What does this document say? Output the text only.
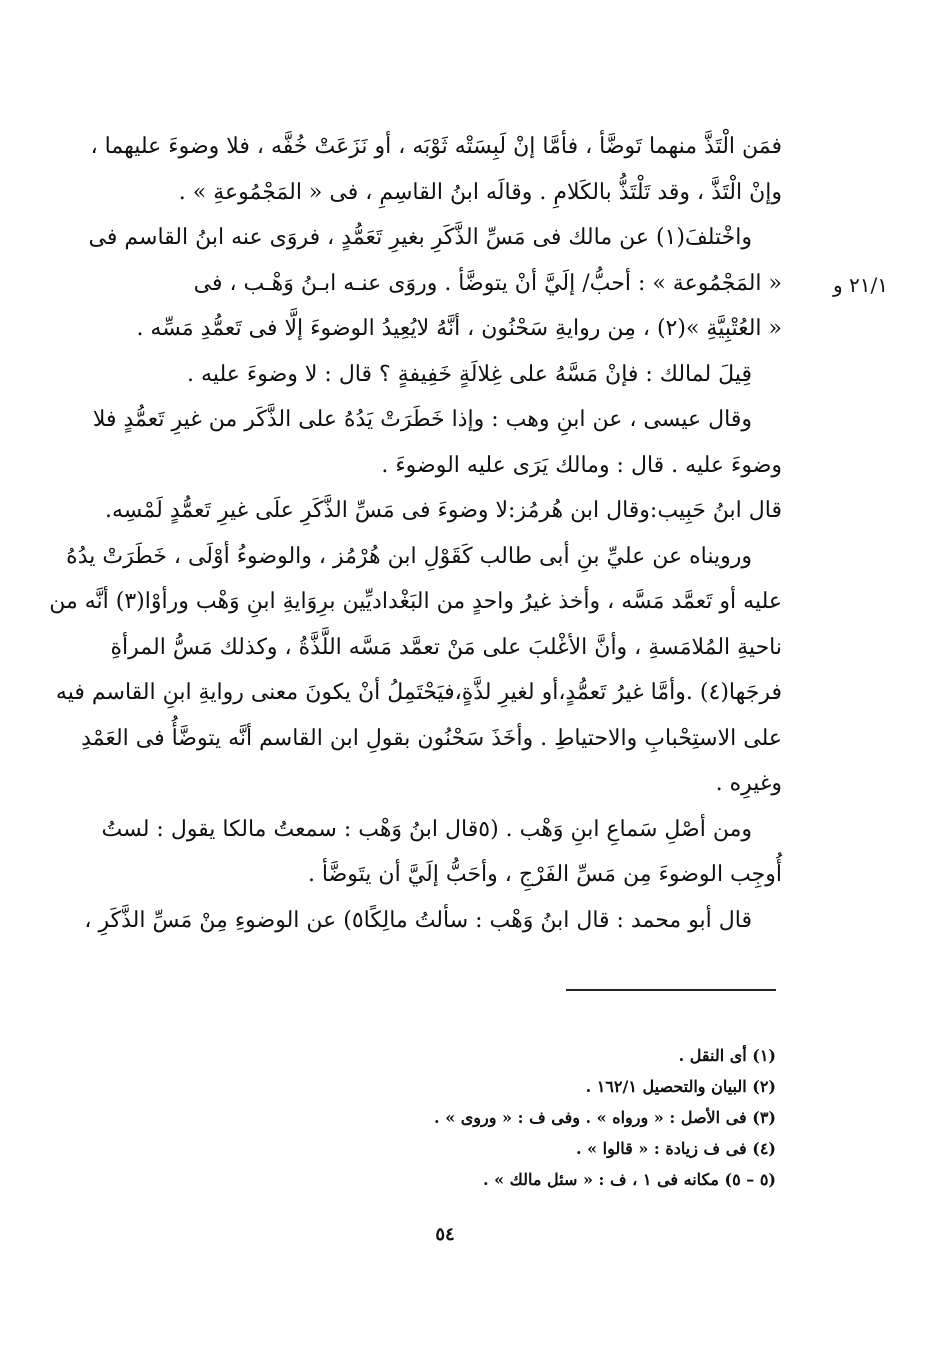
٢١/١ و

فمَن الْتَذَّ منهما تَوضَّأ ، فأمَّا إنْ لَبِسَتْه ثَوْبَه ، أو نَزَعَتْ خُفَّه ، فلا وضوءَ عليهما ،
وإنْ الْتَذَّ ، وقد تَلْتَذُّ بالكَلامِ . وقالَه ابنُ القاسِمِ ، فى « المَجْمُوعةِ » .

واخْتلفَ(١) عن مالك فى مَسِّ الذَّكَرِ بغيرِ تَعَمُّدٍ ، فروَى عنه ابنُ القاسم فى
« المَجْمُوعة » : أحبُّ/ إلَيَّ أنْ يتوضَّأ . وروَى عنـه ابـنُ وَهْـب ، فى
« العُتْبِيَّةِ »(٢) ، مِن روايةِ سَحْنُون ، أنَّهُ لايُعِيدُ الوضوءَ إلَّا فى تَعمُّدِ مَسِّه .

قِيلَ لمالك : فإنْ مَسَّهُ على غِلالَةٍ خَفِيفةٍ ؟ قال : لا وضوءَ عليه .

وقال عيسى ، عن ابنِ وهب : وإذا خَطَرَتْ يَدُهُ على الذَّكَر من غيرِ تَعمُّدٍ فلا
وضوءَ عليه . قال : ومالك يَرَى عليه الوضوءَ .

قال ابنُ حَبِيب:وقال ابن هُرمُز:لا وضوءَ فى مَسِّ الذَّكَرِ علَى غيرِ تَعمُّدٍ لَمْسِه.

ورويناه عن عليِّ بنِ أبى طالب كَقَوْلِ ابن هُرْمُز ، والوضوءُ أوْلَى ، خَطَرَتْ يدُهُ
عليه أو تَعمَّد مَسَّه ، وأخذ غيرُ واحدٍ من البَغْداديِّين برِوَايةِ ابنِ وَهْب ورأوْا(٣) أنَّه من
ناحيةِ المُلامَسةِ ، وأنَّ الأغْلبَ على مَنْ تعمَّد مَسَّه اللَّذَّةُ ، وكذلك مَسُّ المرأةِ
فرجَها(٤) .وأمَّا غيرُ تَعمُّدٍ،أو لغيرِ لذَّةٍ،فيَحْتَمِلُ أنْ يكونَ معنى روايةِ ابنِ القاسم فيه
على الاستِحْبابِ والاحتياطِ . وأخَذَ سَحْنُون بقولِ ابن القاسم أنَّه يتوضَّأُ فى العَمْدِ
وغيرِه .

ومن أصْلِ سَماعِ ابنِ وَهْب . (٥قال ابنُ وَهْب : سمعتُ مالكا يقول : لستُ
أُوجِب الوضوءَ مِن مَسِّ الفَرْجِ ، وأحَبُّ إلَيَّ أن يتَوضَّأ .

قال أبو محمد : قال ابنُ وَهْب : سألتُ مالِكًا٥) عن الوضوءِ مِنْ مَسِّ الذَّكَرِ ،

(١) أى النقل .
(٢) البيان والتحصيل ١٦٢/١ .
(٣) فى الأصل : « ورواه » . وفى ف : « وروى » .
(٤) فى ف زيادة : « قالوا » .
(٥ – ٥) مكانه فى ١ ، ف : « سئل مالك » .
٥٤
